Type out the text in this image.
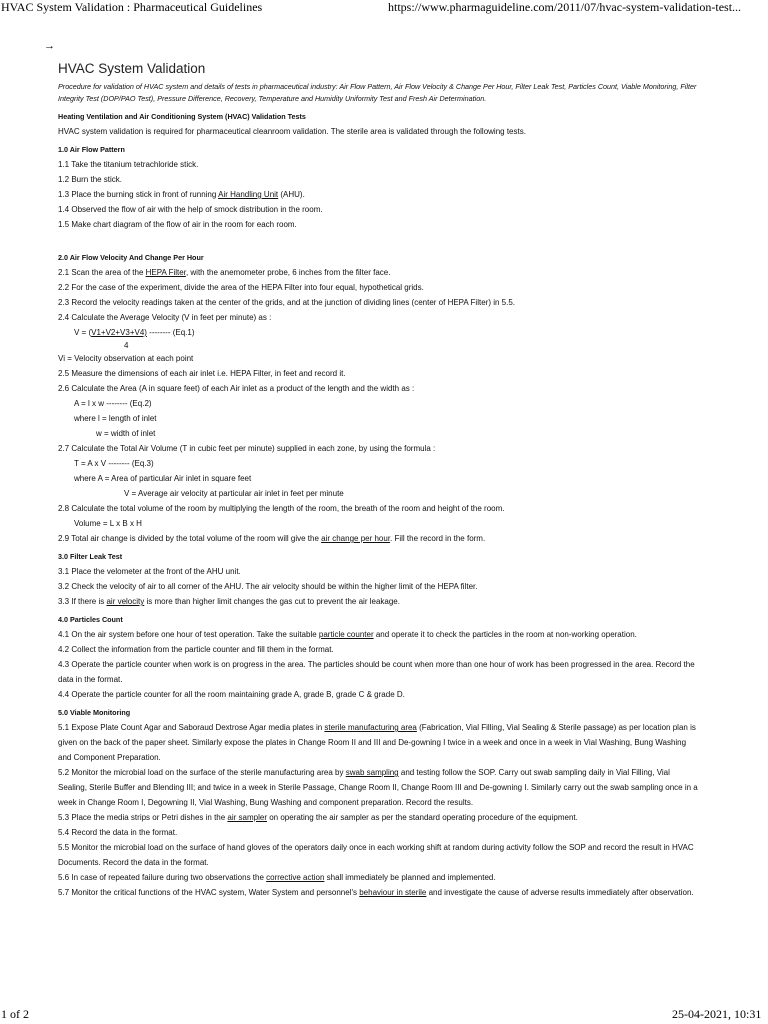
HVAC System Validation : Pharmaceutical Guidelines	https://www.pharmaguideline.com/2011/07/hvac-system-validation-test...
→
HVAC System Validation
Procedure for validation of HVAC system and details of tests in pharmaceutical industry: Air Flow Pattern, Air Flow Velocity & Change Per Hour, Filter Leak Test, Particles Count, Viable Monitoring, Filter Integrity Test (DOP/PAO Test), Pressure Difference, Recovery, Temperature and Humidity Uniformity Test and Fresh Air Determination.
Heating Ventilation and Air Conditioning System (HVAC) Validation Tests
HVAC system validation is required for pharmaceutical cleanroom validation. The sterile area is validated through the following tests.
1.0 Air Flow Pattern
1.1 Take the titanium tetrachloride stick.
1.2 Burn the stick.
1.3 Place the burning stick in front of running Air Handling Unit (AHU).
1.4 Observed the flow of air with the help of smock distribution in the room.
1.5 Make chart diagram of the flow of air in the room for each room.
2.0 Air Flow Velocity And Change Per Hour
2.1 Scan the area of the HEPA Filter, with the anemometer probe, 6 inches from the filter face.
2.2 For the case of the experiment, divide the area of the HEPA Filter into four equal, hypothetical grids.
2.3 Record the velocity readings taken at the center of the grids, and at the junction of dividing lines (center of HEPA Filter) in 5.5.
2.4 Calculate the Average Velocity (V in feet per minute) as :
V = (V1+V2+V3+V4) -------- (Eq.1)
4
Vi = Velocity observation at each point
2.5 Measure the dimensions of each air inlet i.e. HEPA Filter, in feet and record it.
2.6 Calculate the Area (A in square feet) of each Air inlet as a product of the length and the width as :
A = l x w -------- (Eq.2)
where l = length of inlet
w = width of inlet
2.7 Calculate the Total Air Volume (T in cubic feet per minute) supplied in each zone, by using the formula :
T = A x V -------- (Eq.3)
where A = Area of particular Air inlet in square feet
V = Average air velocity at particular air inlet in feet per minute
2.8 Calculate the total volume of the room by multiplying the length of the room, the breath of the room and height of the room.
Volume = L x B x H
2.9 Total air change is divided by the total volume of the room will give the air change per hour. Fill the record in the form.
3.0 Filter Leak Test
3.1 Place the velometer at the front of the AHU unit.
3.2 Check the velocity of air to all corner of the AHU. The air velocity should be within the higher limit of the HEPA filter.
3.3 If there is air velocity is more than higher limit changes the gas cut to prevent the air leakage.
4.0 Particles Count
4.1 On the air system before one hour of test operation. Take the suitable particle counter and operate it to check the particles in the room at non-working operation.
4.2 Collect the information from the particle counter and fill them in the format.
4.3 Operate the particle counter when work is on progress in the area. The particles should be count when more than one hour of work has been progressed in the area. Record the data in the format.
4.4 Operate the particle counter for all the room maintaining grade A, grade B, grade C & grade D.
5.0 Viable Monitoring
5.1 Expose Plate Count Agar and Saboraud Dextrose Agar media plates in sterile manufacturing area (Fabrication, Vial Filling, Vial Sealing & Sterile passage) as per location plan is given on the back of the paper sheet. Similarly expose the plates in Change Room II and III and De-gowning I twice in a week and once in a week in Vial Washing, Bung Washing and Component Preparation.
5.2 Monitor the microbial load on the surface of the sterile manufacturing area by swab sampling and testing follow the SOP. Carry out swab sampling daily in Vial Filling, Vial Sealing, Sterile Buffer and Blending III; and twice in a week in Sterile Passage, Change Room II, Change Room III and De-gowning I. Similarly carry out the swab sampling once in a week in Change Room I, Degowning II, Vial Washing, Bung Washing and component preparation. Record the results.
5.3 Place the media strips or Petri dishes in the air sampler on operating the air sampler as per the standard operating procedure of the equipment.
5.4 Record the data in the format.
5.5 Monitor the microbial load on the surface of hand gloves of the operators daily once in each working shift at random during activity follow the SOP and record the result in HVAC Documents. Record the data in the format.
5.6 In case of repeated failure during two observations the corrective action shall immediately be planned and implemented.
5.7 Monitor the critical functions of the HVAC system, Water System and personnel's behaviour in sterile and investigate the cause of adverse results immediately after observation.
1 of 2	25-04-2021, 10:31
